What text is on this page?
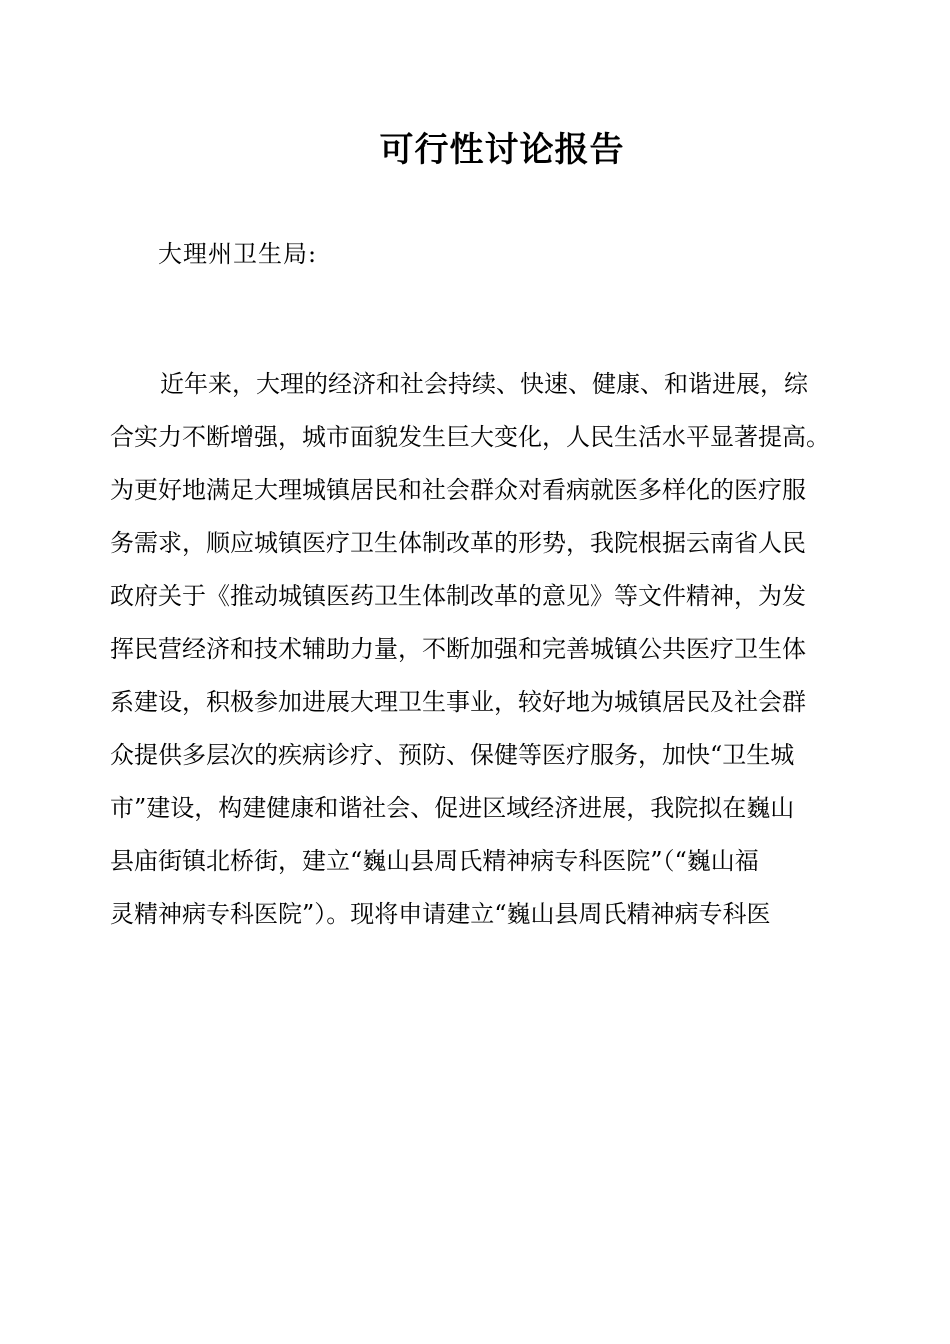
可行性讨论报告
大理州卫生局:
近年来，大理的经济和社会持续、快速、健康、和谐进展，综
合实力不断增强，城市面貌发生巨大变化，人民生活水平显著提高。
为更好地满足大理城镇居民和社会群众对看病就医多样化的医疗服
务需求，顺应城镇医疗卫生体制改革的形势，我院根据云南省人民
政府关于《推动城镇医药卫生体制改革的意见》等文件精神，为发
挥民营经济和技术辅助力量，不断加强和完善城镇公共医疗卫生体
系建设，积极参加进展大理卫生事业，较好地为城镇居民及社会群
众提供多层次的疾病诊疗、预防、保健等医疗服务，加快“卫生城
市”建设，构建健康和谐社会、促进区域经济进展，我院拟在巍山
县庙街镇北桥街，建立“巍山县周氏精神病专科医院”（“巍山福
灵精神病专科医院”）。现将申请建立“巍山县周氏精神病专科医
